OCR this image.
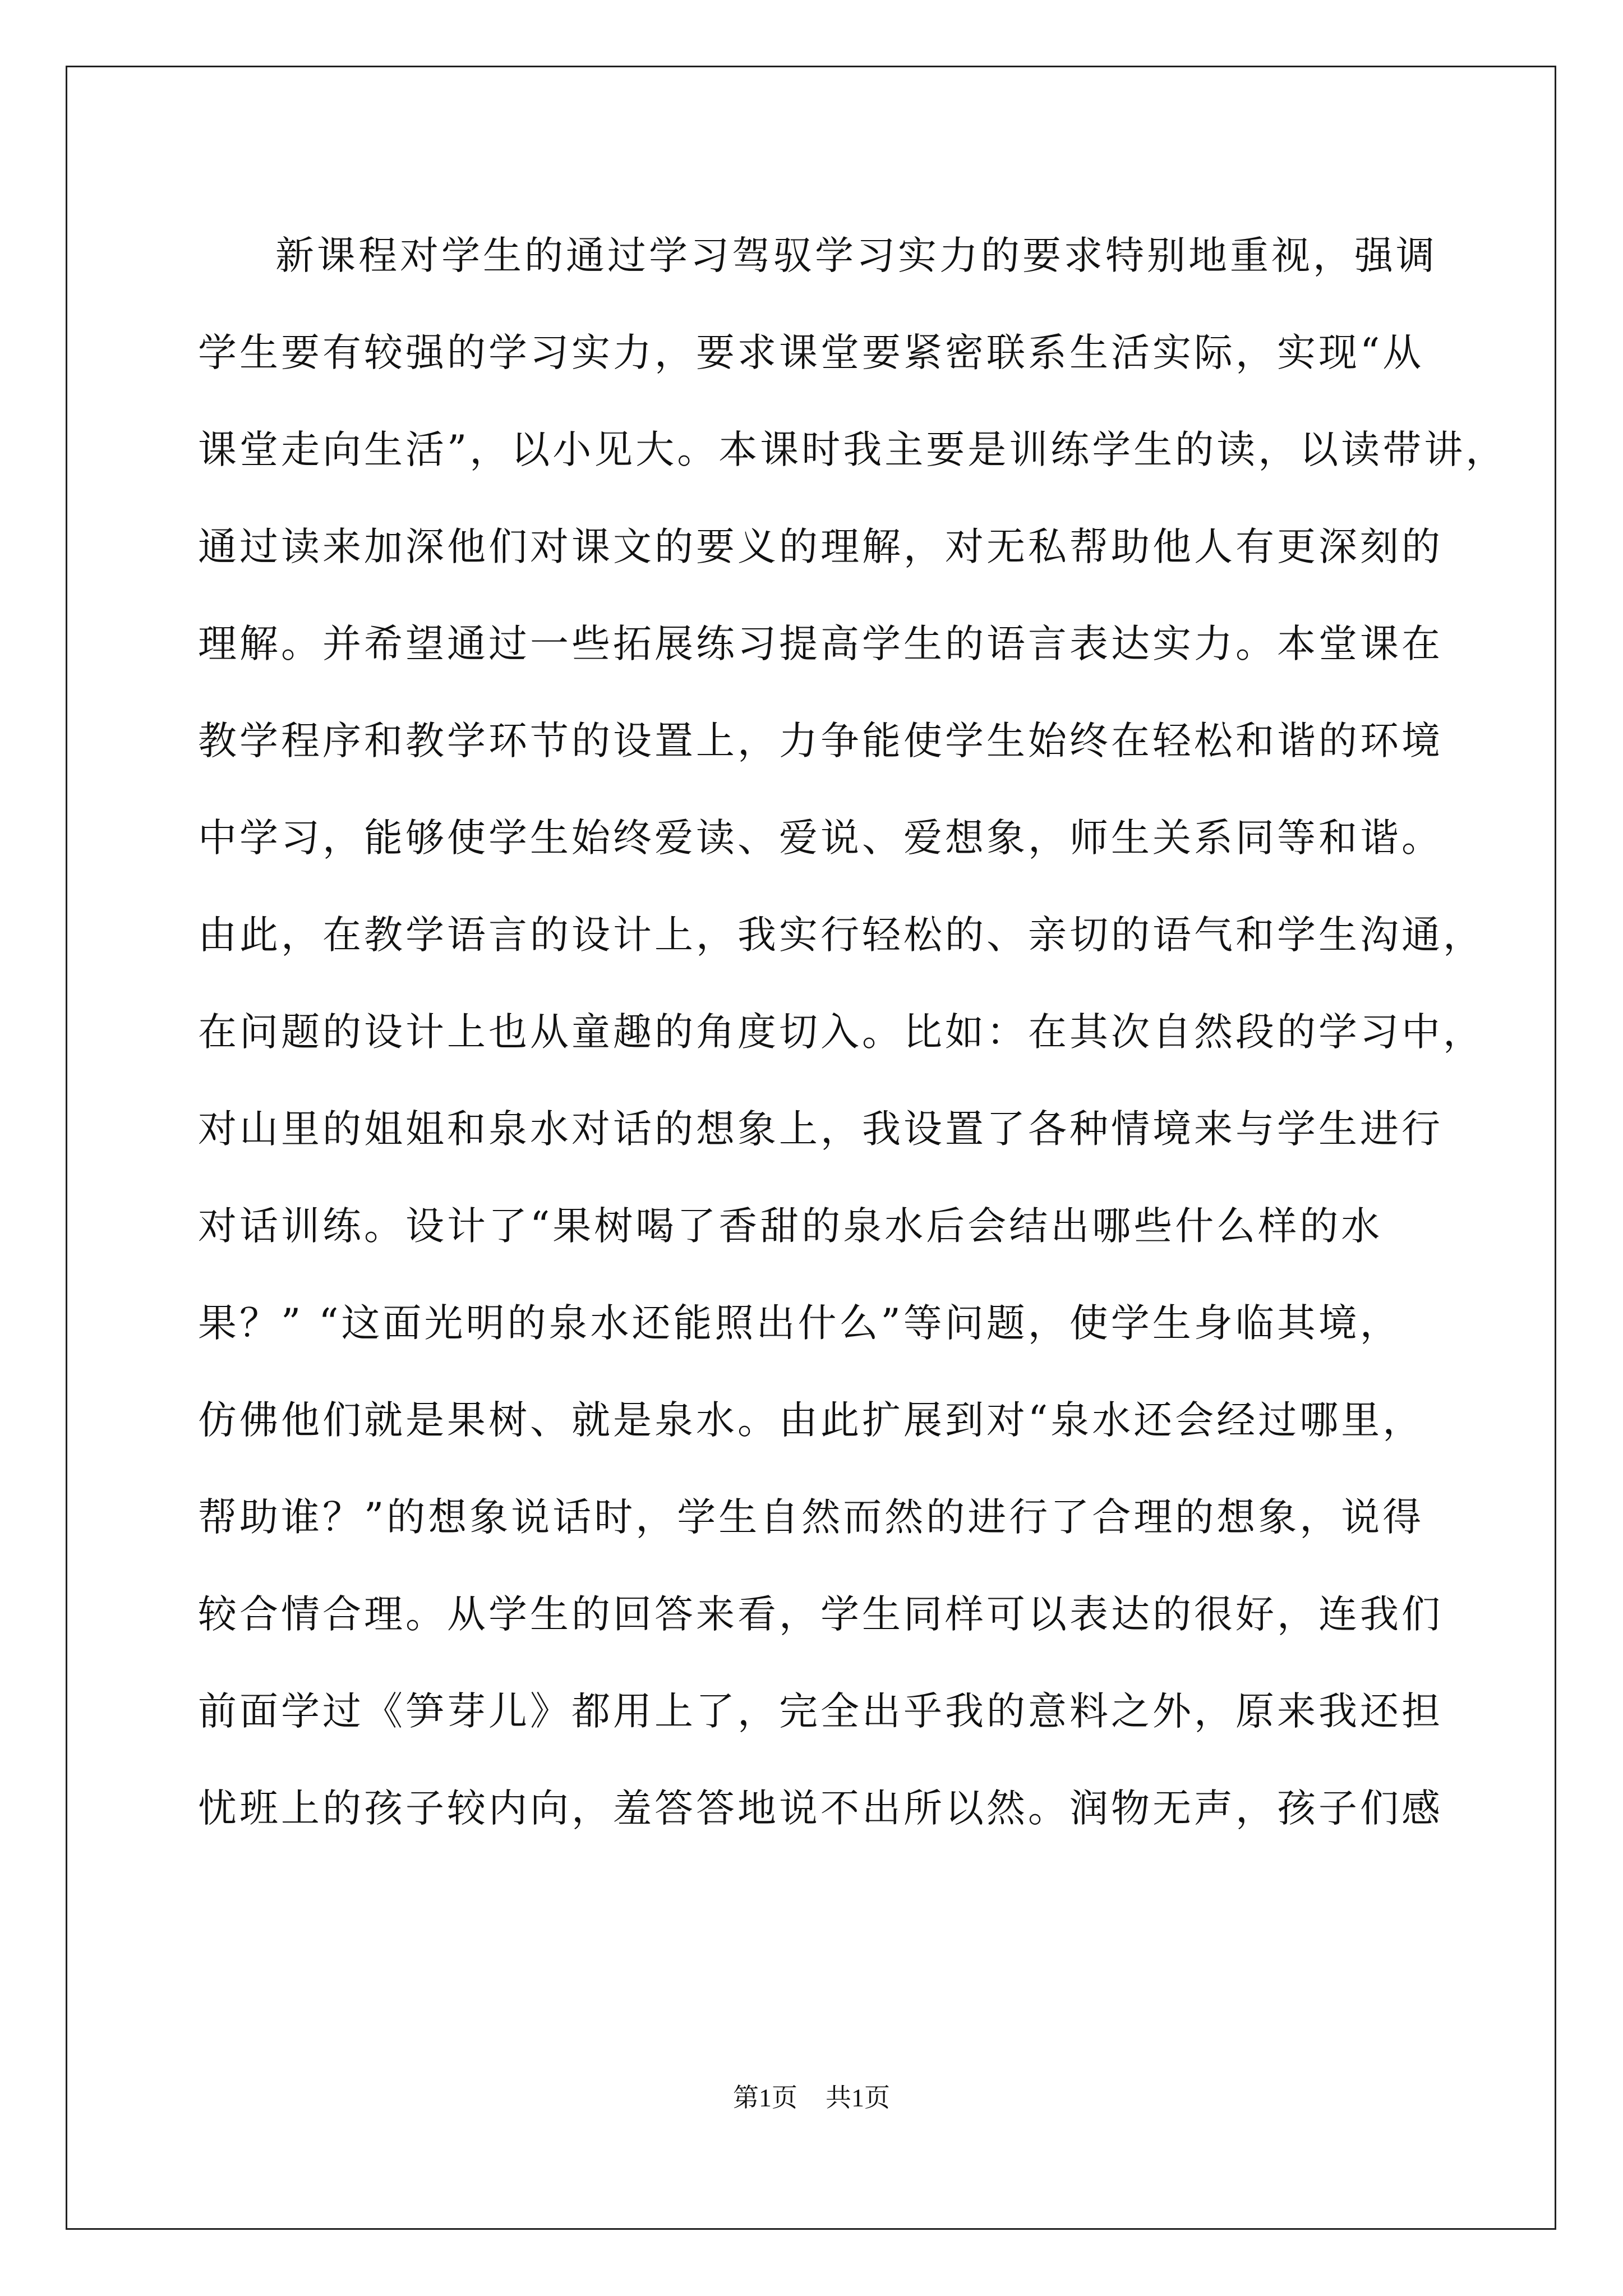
新课程对学生的通过学习驾驭学习实力的要求特别地重视，强调
学生要有较强的学习实力，要求课堂要紧密联系生活实际，实现“从
课堂走向生活”，以小见大。本课时我主要是训练学生的读，以读带讲，
通过读来加深他们对课文的要义的理解，对无私帮助他人有更深刻的
理解。并希望通过一些拓展练习提高学生的语言表达实力。本堂课在
教学程序和教学环节的设置上，力争能使学生始终在轻松和谐的环境
中学习，能够使学生始终爱读、爱说、爱想象，师生关系同等和谐。
由此，在教学语言的设计上，我实行轻松的、亲切的语气和学生沟通，
在问题的设计上也从童趣的角度切入。比如：在其次自然段的学习中，
对山里的姐姐和泉水对话的想象上，我设置了各种情境来与学生进行
对话训练。设计了“果树喝了香甜的泉水后会结出哪些什么样的水
果？” “这面光明的泉水还能照出什么”等问题，使学生身临其境，
仿佛他们就是果树、就是泉水。由此扩展到对“泉水还会经过哪里，
帮助谁？”的想象说话时，学生自然而然的进行了合理的想象，说得
较合情合理。从学生的回答来看，学生同样可以表达的很好，连我们
前面学过《笋芽儿》都用上了，完全出乎我的意料之外，原来我还担
忧班上的孩子较内向，羞答答地说不出所以然。润物无声，孩子们感
第1页 共1页
